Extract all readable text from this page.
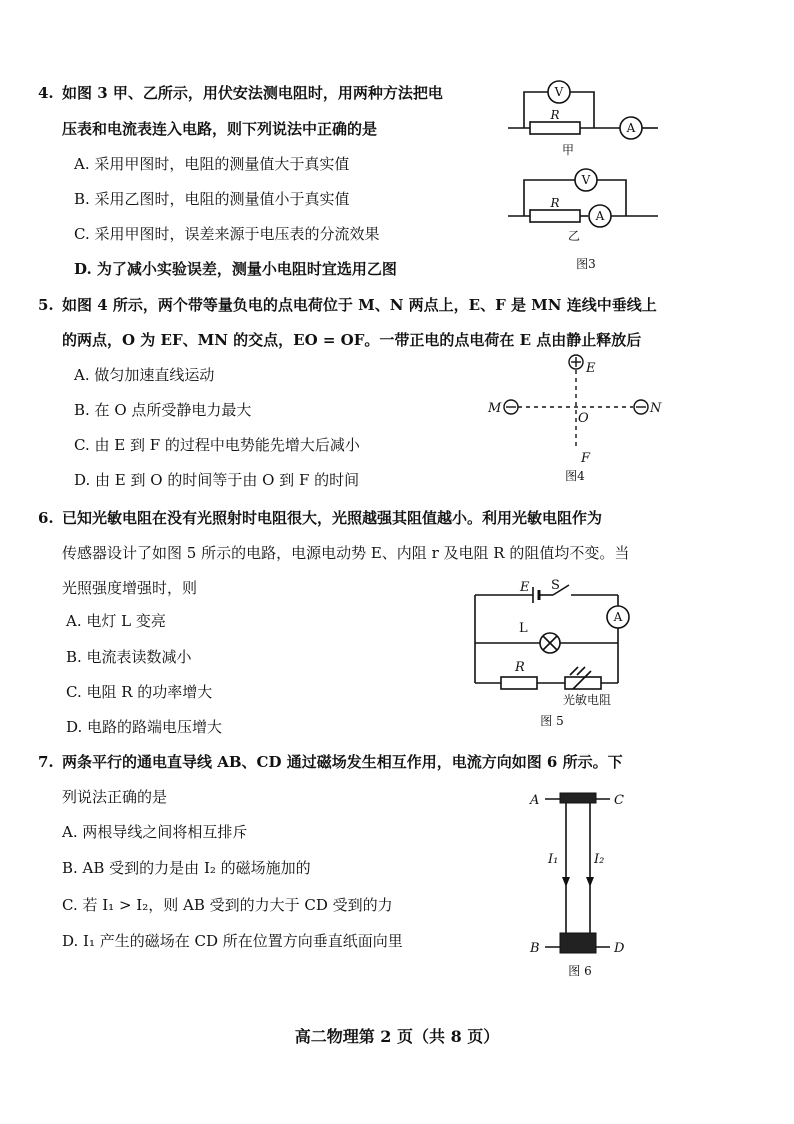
4. 如图 3 甲、乙所示，用伏安法测电阻时，用两种方法把电
压表和电流表连入电路，则下列说法中正确的是
A. 采用甲图时，电阻的测量值大于真实值
B. 采用乙图时，电阻的测量值小于真实值
C. 采用甲图时，误差来源于电压表的分流效果
D. 为了减小实验误差，测量小电阻时宜选用乙图
V
R
A
甲
V
R
A
乙
图3
5. 如图 4 所示，两个带等量负电的点电荷位于 M、N 两点上，E、F 是 MN 连线中垂线上
的两点，O 为 EF、MN 的交点，EO = OF。一带正电的点电荷在 E 点由静止释放后
A. 做匀加速直线运动
B. 在 O 点所受静电力最大
C. 由 E 到 F 的过程中电势能先增大后减小
D. 由 E 到 O 的时间等于由 O 到 F 的时间
E
M	N
O
F
图4
6. 已知光敏电阻在没有光照射时电阻很大，光照越强其阻值越小。利用光敏电阻作为
传感器设计了如图 5 所示的电路，电源电动势 E、内阻 r 及电阻 R 的阻值均不变。当
光照强度增强时，则
A. 电灯 L 变亮
B. 电流表读数减小
C. 电阻 R 的功率增大
D. 电路的路端电压增大
E S
A
L
R
光敏电阻
图 5
7. 两条平行的通电直导线 AB、CD 通过磁场发生相互作用，电流方向如图 6 所示。下
列说法正确的是
A. 两根导线之间将相互排斥
B. AB 受到的力是由 I₂ 的磁场施加的
C. 若 I₁ > I₂，则 AB 受到的力大于 CD 受到的力
D. I₁ 产生的磁场在 CD 所在位置方向垂直纸面向里
A	C
I₁	I₂
B	D
图 6
高二物理第 2 页（共 8 页）
